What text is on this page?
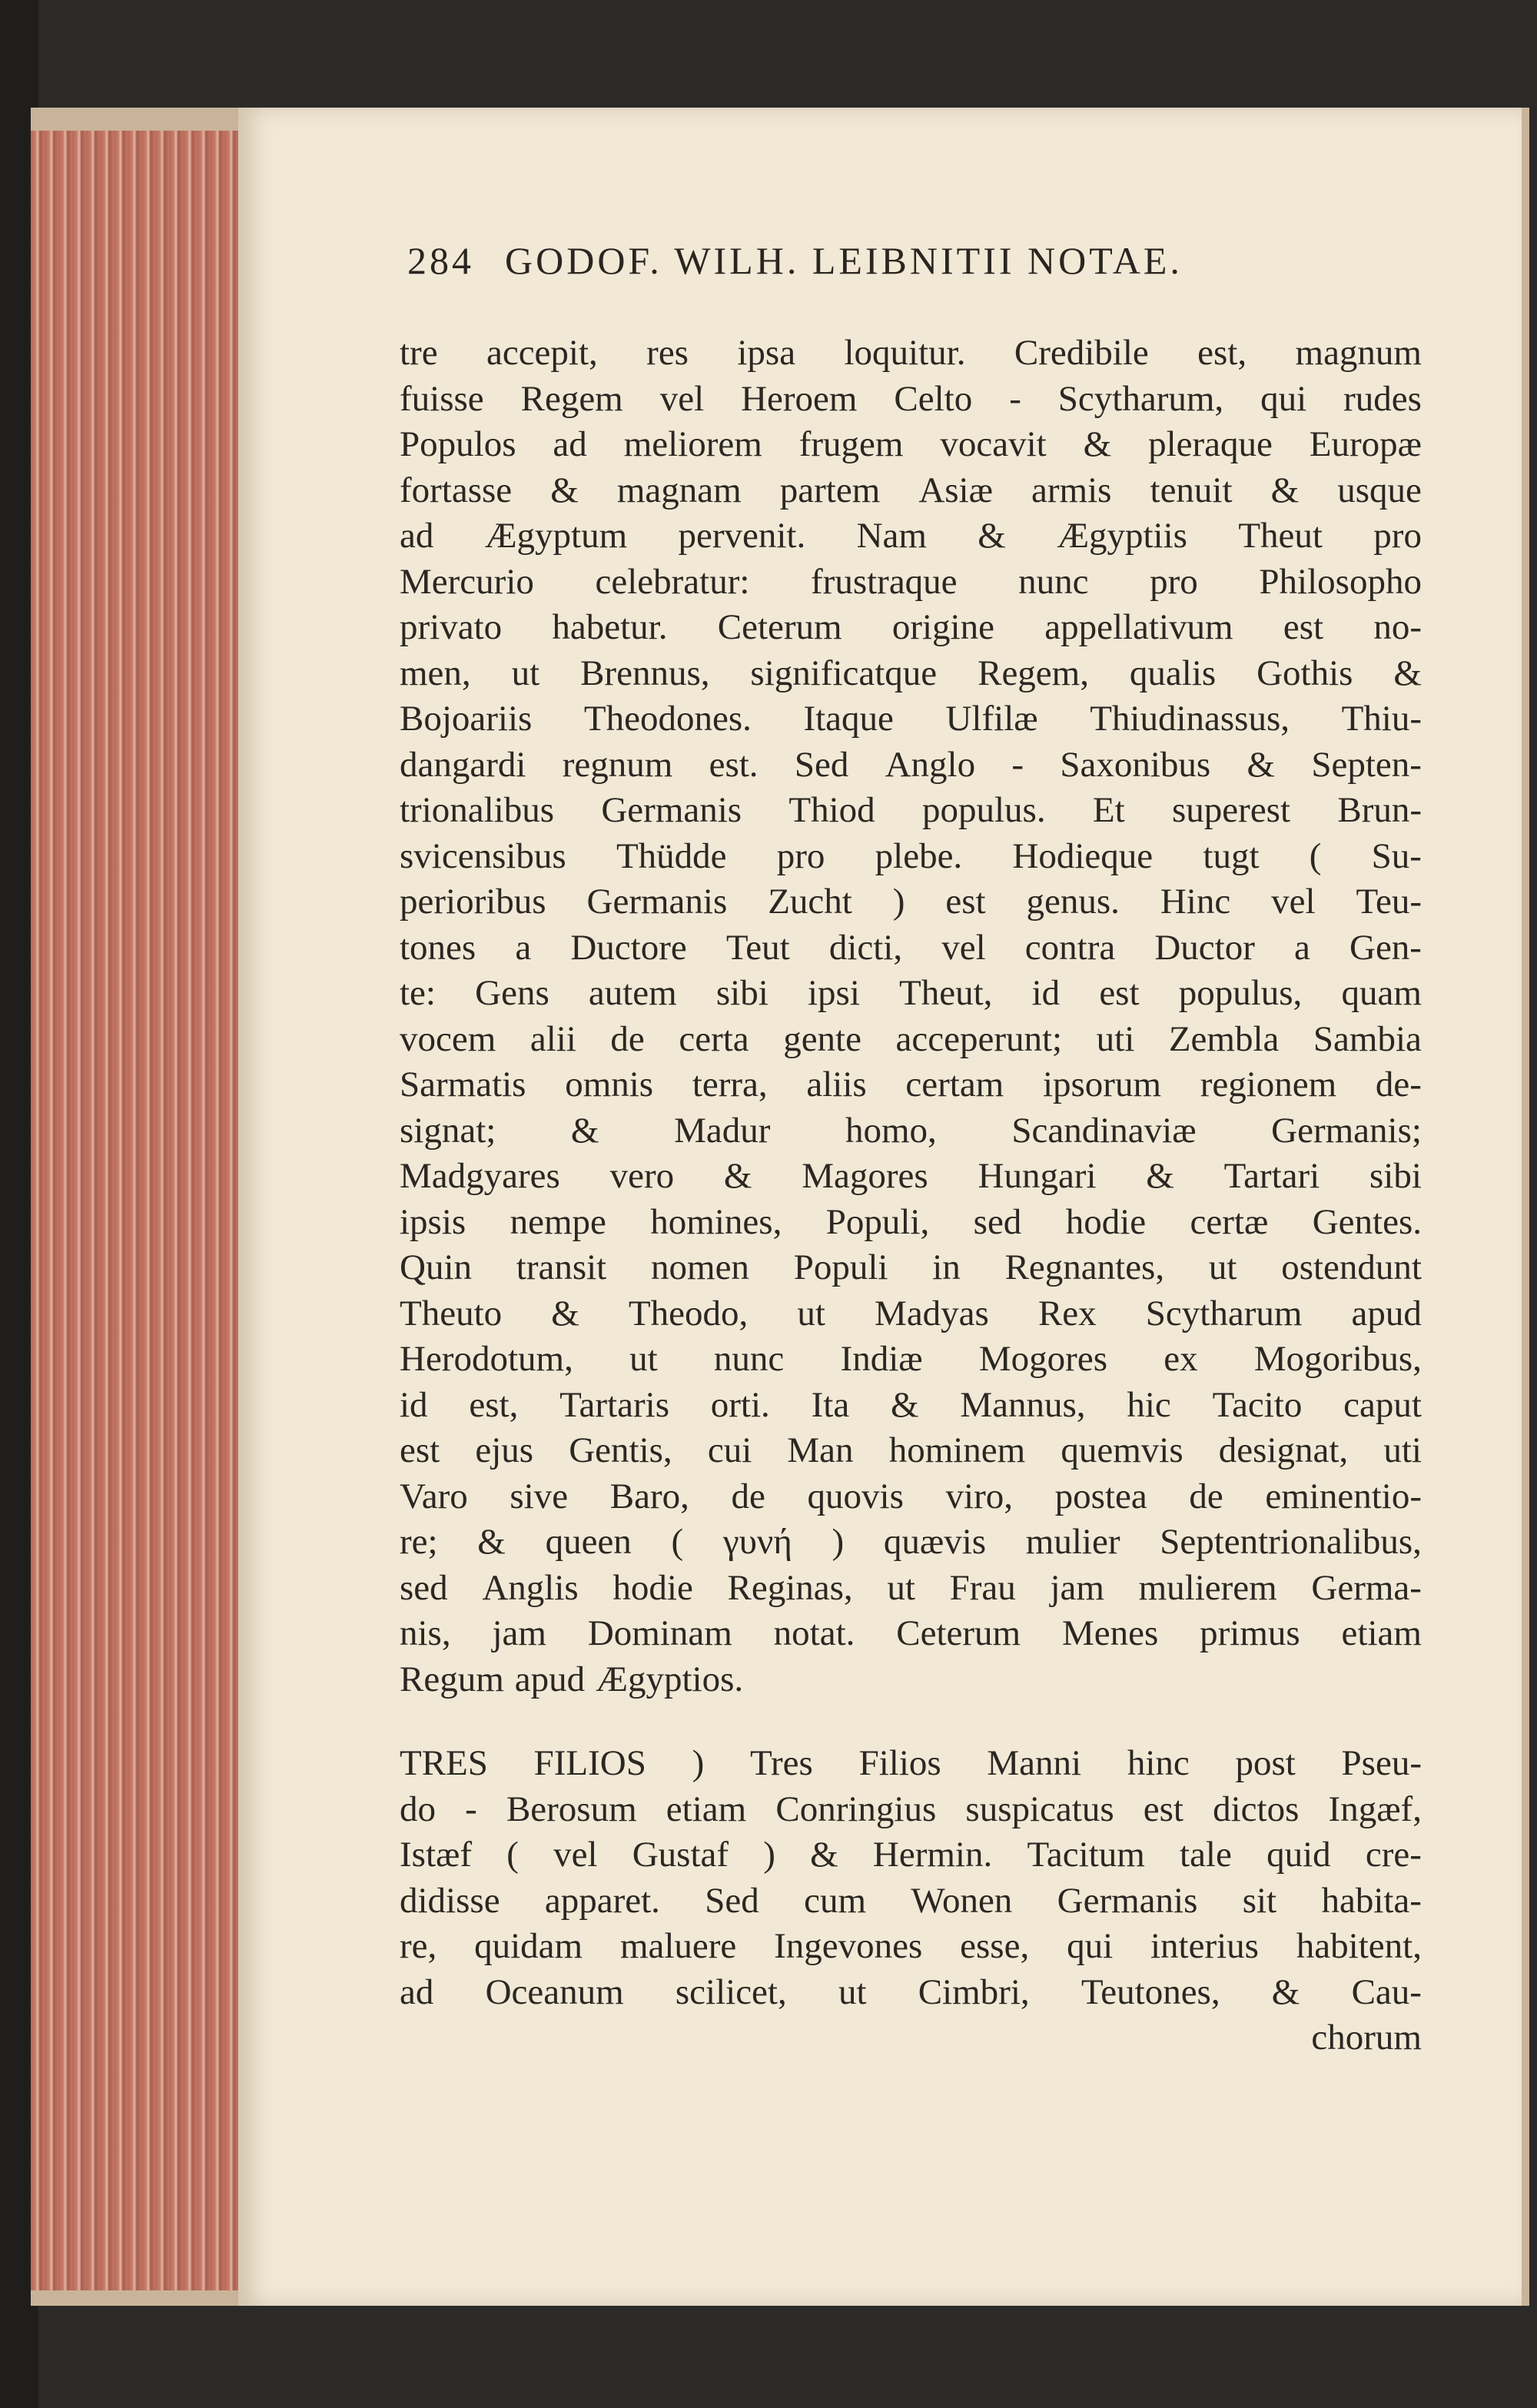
284 GODOF. WILH. LEIBNITII NOTAE.
tre accepit, res ipsa loquitur. Credibile est, magnum
fuisse Regem vel Heroem Celto - Scytharum, qui rudes
Populos ad meliorem frugem vocavit & pleraque Europæ
fortasse & magnam partem Asiæ armis tenuit & usque
ad Ægyptum pervenit. Nam & Ægyptiis Theut pro
Mercurio celebratur: frustraque nunc pro Philosopho
privato habetur. Ceterum origine appellativum est no-
men, ut Brennus, significatque Regem, qualis Gothis &
Bojoariis Theodones. Itaque Ulfilæ Thiudinassus, Thiu-
dangardi regnum est. Sed Anglo - Saxonibus & Septen-
trionalibus Germanis Thiod populus. Et superest Brun-
svicensibus Thüdde pro plebe. Hodieque tugt ( Su-
perioribus Germanis Zucht ) est genus. Hinc vel Teu-
tones a Ductore Teut dicti, vel contra Ductor a Gen-
te: Gens autem sibi ipsi Theut, id est populus, quam
vocem alii de certa gente acceperunt; uti Zembla Sambia
Sarmatis omnis terra, aliis certam ipsorum regionem de-
signat; & Madur homo, Scandinaviæ Germanis;
Madgyares vero & Magores Hungari & Tartari sibi
ipsis nempe homines, Populi, sed hodie certæ Gentes.
Quin transit nomen Populi in Regnantes, ut ostendunt
Theuto & Theodo, ut Madyas Rex Scytharum apud
Herodotum, ut nunc Indiæ Mogores ex Mogoribus,
id est, Tartaris orti. Ita & Mannus, hic Tacito caput
est ejus Gentis, cui Man hominem quemvis designat, uti
Varo sive Baro, de quovis viro, postea de eminentio-
re; & queen ( γυνή ) quævis mulier Septentrionalibus,
sed Anglis hodie Reginas, ut Frau jam mulierem Germa-
nis, jam Dominam notat. Ceterum Menes primus etiam
Regum apud Ægyptios.
TRES FILIOS ) Tres Filios Manni hinc post Pseu-
do - Berosum etiam Conringius suspicatus est dictos Ingæf,
Istæf ( vel Gustaf ) & Hermin. Tacitum tale quid cre-
didisse apparet. Sed cum Wonen Germanis sit habita-
re, quidam maluere Ingevones esse, qui interius habitent,
ad Oceanum scilicet, ut Cimbri, Teutones, & Cau-
chorum
